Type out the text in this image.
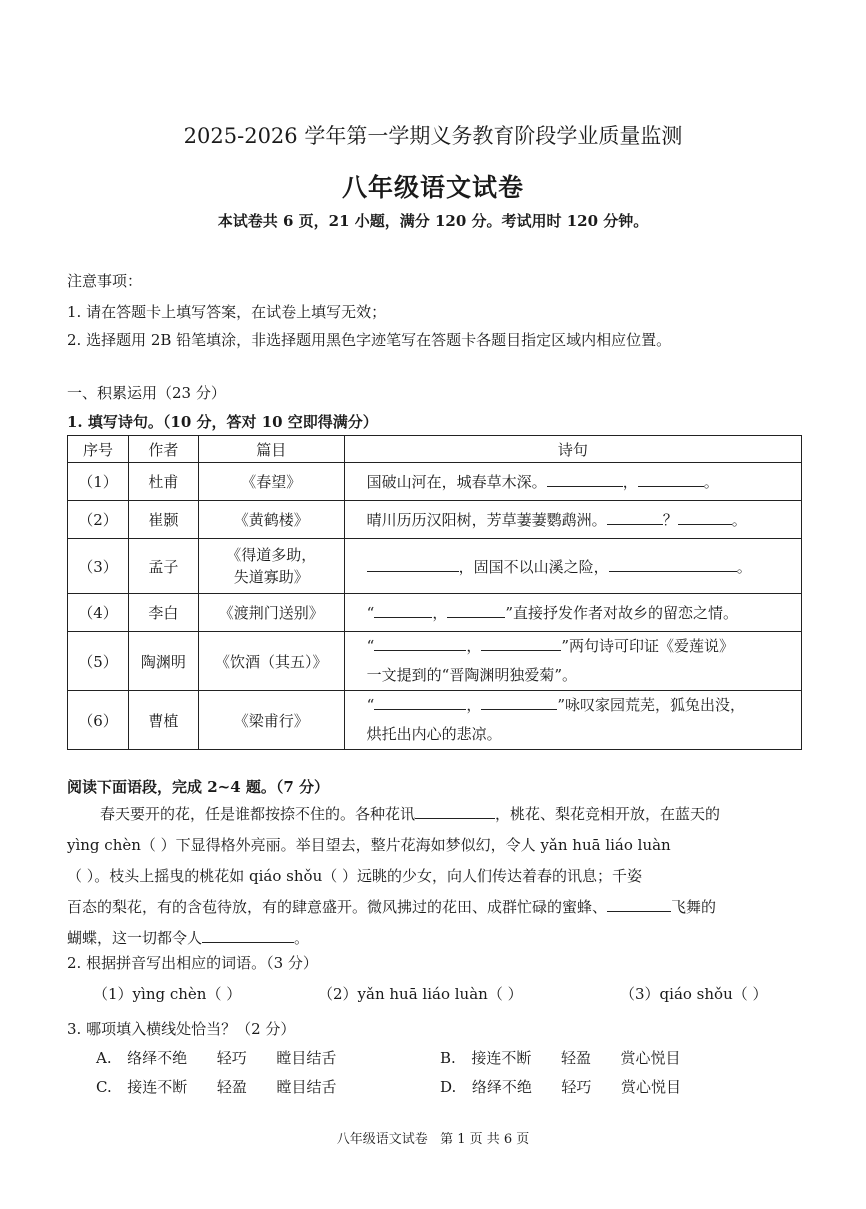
2025-2026 学年第一学期义务教育阶段学业质量监测
八年级语文试卷
本试卷共 6 页，21 小题，满分 120 分。考试用时 120 分钟。
注意事项：
1. 请在答题卡上填写答案，在试卷上填写无效；
2. 选择题用 2B 铅笔填涂，非选择题用黑色字迹笔写在答题卡各题目指定区域内相应位置。
一、积累运用（23 分）
1. 填写诗句。（10 分，答对 10 空即得满分）
序号	作者	篇目	诗句
（1）	杜甫	《春望》	国破山河在，城春草木深。 ， 。
（2）	崔颢	《黄鹤楼》	晴川历历汉阳树，芳草萋萋鹦鹉洲。 ？ 。
（3）	孟子	《得道多助，
失道寡助》	，固国不以山溪之险， 。
（4）	李白	《渡荆门送别》	“ ， ”直接抒发作者对故乡的留恋之情。
（5）	陶渊明	《饮酒（其五）》	“ ， ”两句诗可印证《爱莲说》
一文提到的“晋陶渊明独爱菊”。

（6）	曹植	《梁甫行》	“ ， ”咏叹家园荒芜，狐兔出没，
烘托出内心的悲凉。
阅读下面语段，完成 2~4 题。（7 分）
春天要开的花，任是谁都按捺不住的。各种花讯	，桃花、梨花竞相开放，在蓝天的
yìng chèn（ ）下显得格外亮丽。举目望去，整片花海如梦似幻，令人 yǎn huā liáo luàn
（ ）。枝头上摇曳的桃花如 qiáo shǒu（ ）远眺的少女，向人们传达着春的讯息；千姿
百态的梨花，有的含苞待放，有的肆意盛开。微风拂过的花田、成群忙碌的蜜蜂、	飞舞的
蝴蝶，这一切都令人	。
2. 根据拼音写出相应的词语。（3 分）
（1）yìng chèn（ ）	（2）yǎn huā liáo luàn（ ）	（3）qiáo shǒu（ ）
3. 哪项填入横线处恰当？（2 分）
A. 络绎不绝 轻巧 瞠目结舌	B. 接连不断 轻盈 赏心悦目
C. 接连不断 轻盈 瞠目结舌	D. 络绎不绝 轻巧 赏心悦目
八年级语文试卷   第 1 页 共 6 页
